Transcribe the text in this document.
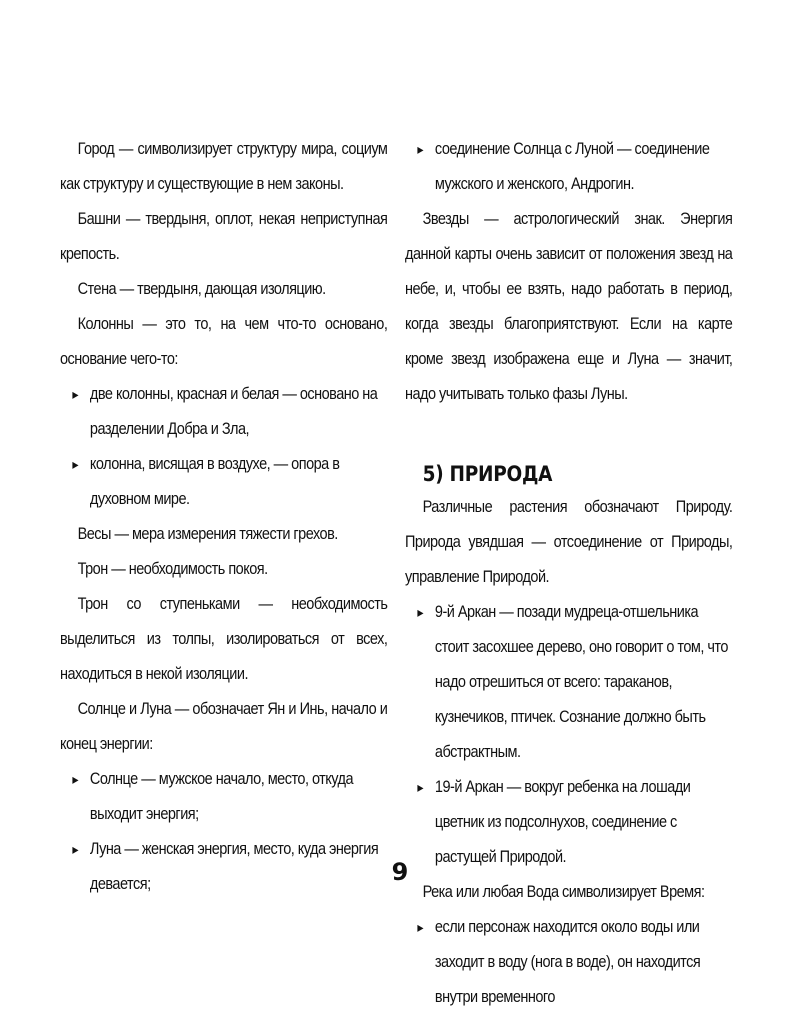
Город — символизирует структуру мира, социум как структуру и существующие в нем законы.

Башни — твердыня, оплот, некая неприступная крепость.

Стена — твердыня, дающая изоляцию.

Колонны — это то, на чем что-то основано, основание чего-то:

▸ две колонны, красная и белая — основано на разделении Добра и Зла,
▸ колонна, висящая в воздухе, — опора в духовном мире.

Весы — мера измерения тяжести грехов.

Трон — необходимость покоя.

Трон со ступеньками — необходимость выделиться из толпы, изолироваться от всех, находиться в некой изоляции.

Солнце и Луна — обозначает Ян и Инь, начало и конец энергии:

▸ Солнце — мужское начало, место, откуда выходит энергия;
▸ Луна — женская энергия, место, куда энергия девается;
▸ соединение Солнца с Луной — соединение мужского и женского, Андрогин.

Звезды — астрологический знак. Энергия данной карты очень зависит от положения звезд на небе, и, чтобы ее взять, надо работать в период, когда звезды благоприятствуют. Если на карте кроме звезд изображена еще и Луна — значит, надо учитывать только фазы Луны.

5) ПРИРОДА

Различные растения обозначают Природу. Природа увядшая — отсоединение от Природы, управление Природой.

▸ 9-й Аркан — позади мудреца-отшельника стоит засохшее дерево, оно говорит о том, что надо отрешиться от всего: тараканов, кузнечиков, птичек. Сознание должно быть абстрактным.
▸ 19-й Аркан — вокруг ребенка на лошади цветник из подсолнухов, соединение с растущей Природой.

Река или любая Вода символизирует Время:

▸ если персонаж находится около воды или заходит в воду (нога в воде), он находится внутри временного
9
